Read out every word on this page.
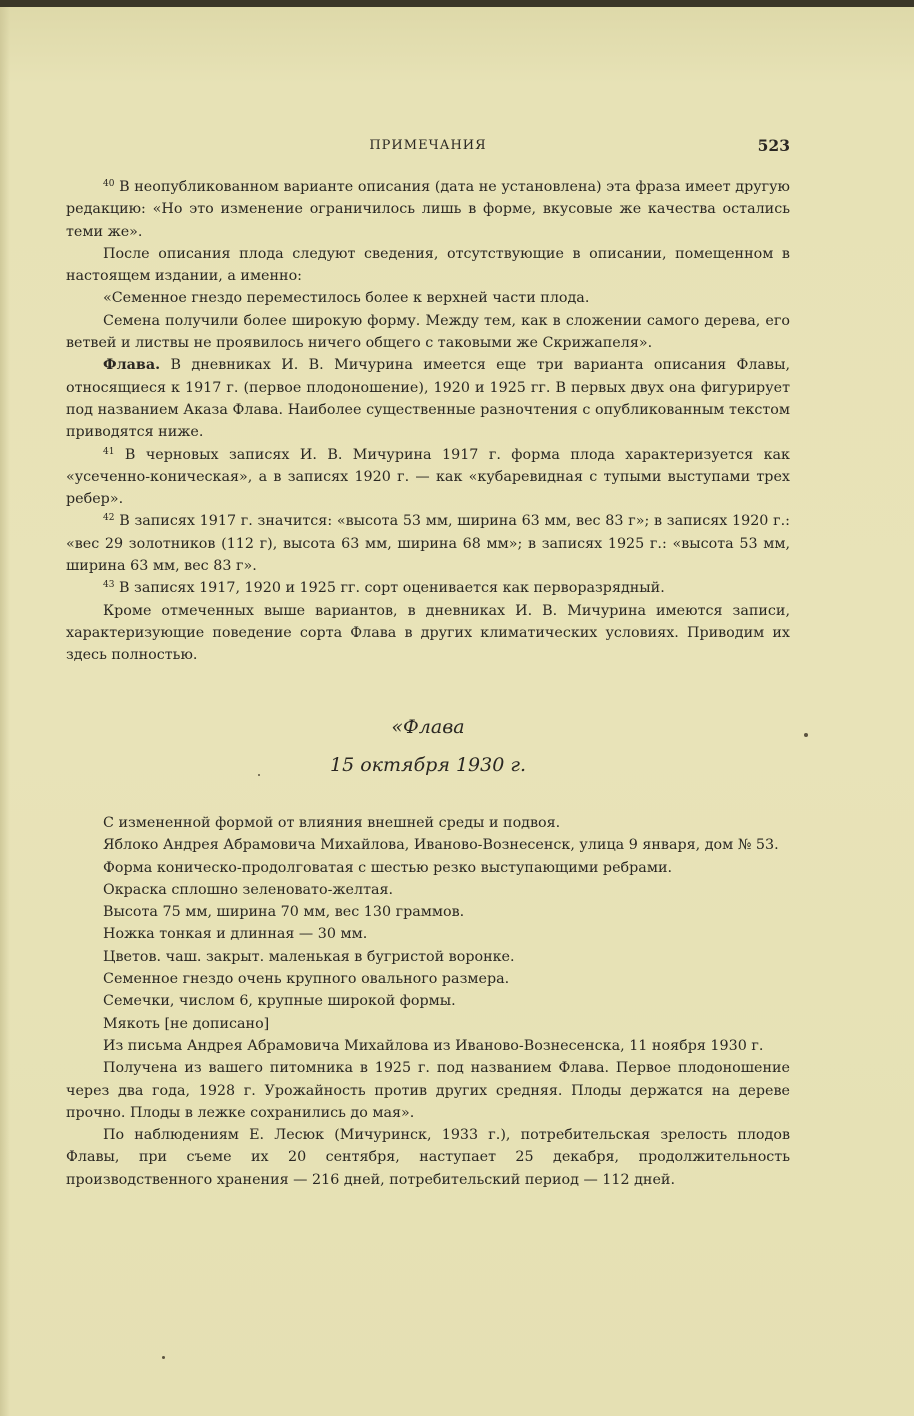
ПРИМЕЧАНИЯ	523

$^{40}$ В неопубликованном варианте описания (дата не установлена) эта фраза имеет другую редакцию: «Но это изменение ограничилось лишь в форме, вкусовые же качества остались теми же».

После описания плода следуют сведения, отсутствующие в описании, помещенном в настоящем издании, а именно:

«Семенное гнездо переместилось более к верхней части плода.

Семена получили более широкую форму. Между тем, как в сложении самого дерева, его ветвей и листвы не проявилось ничего общего с таковыми же Скрижапеля».

Флава. В дневниках И. В. Мичурина имеется еще три варианта описания Флавы, относящиеся к 1917 г. (первое плодоношение), 1920 и 1925 гг. В первых двух она фигурирует под названием Аказа Флава. Наиболее существенные разночтения с опубликованным текстом приводятся ниже.

$^{41}$ В черновых записях И. В. Мичурина 1917 г. форма плода характеризуется как «усеченно-коническая», а в записях 1920 г. — как «кубаревидная с тупыми выступами трех ребер».

$^{42}$ В записях 1917 г. значится: «высота 53 мм, ширина 63 мм, вес 83 г»; в записях 1920 г.: «вес 29 золотников (112 г), высота 63 мм, ширина 68 мм»; в записях 1925 г.: «высота 53 мм, ширина 63 мм, вес 83 г».

$^{43}$ В записях 1917, 1920 и 1925 гг. сорт оценивается как перворазрядный.

Кроме отмеченных выше вариантов, в дневниках И. В. Мичурина имеются записи, характеризующие поведение сорта Флава в других климатических условиях. Приводим их здесь полностью.

«Флава
15 октября 1930 г.

С измененной формой от влияния внешней среды и подвоя.

Яблоко Андрея Абрамовича Михайлова, Иваново-Вознесенск, улица 9 января, дом № 53.

Форма коническо-продолговатая с шестью резко выступающими ребрами.

Окраска сплошно зеленовато-желтая.

Высота 75 мм, ширина 70 мм, вес 130 граммов.

Ножка тонкая и длинная — 30 мм.

Цветов. чаш. закрыт. маленькая в бугристой воронке.

Семенное гнездо очень крупного овального размера.

Семечки, числом 6, крупные широкой формы.

Мякоть [не дописано]

Из письма Андрея Абрамовича Михайлова из Иваново-Вознесенска, 11 ноября 1930 г.

Получена из вашего питомника в 1925 г. под названием Флава. Первое плодоношение через два года, 1928 г. Урожайность против других средняя. Плоды держатся на дереве прочно. Плоды в лежке сохранились до мая».

По наблюдениям Е. Лесюк (Мичуринск, 1933 г.), потребительская зрелость плодов Флавы, при съеме их 20 сентября, наступает 25 декабря, продолжительность производственного хранения — 216 дней, потребительский период — 112 дней.
